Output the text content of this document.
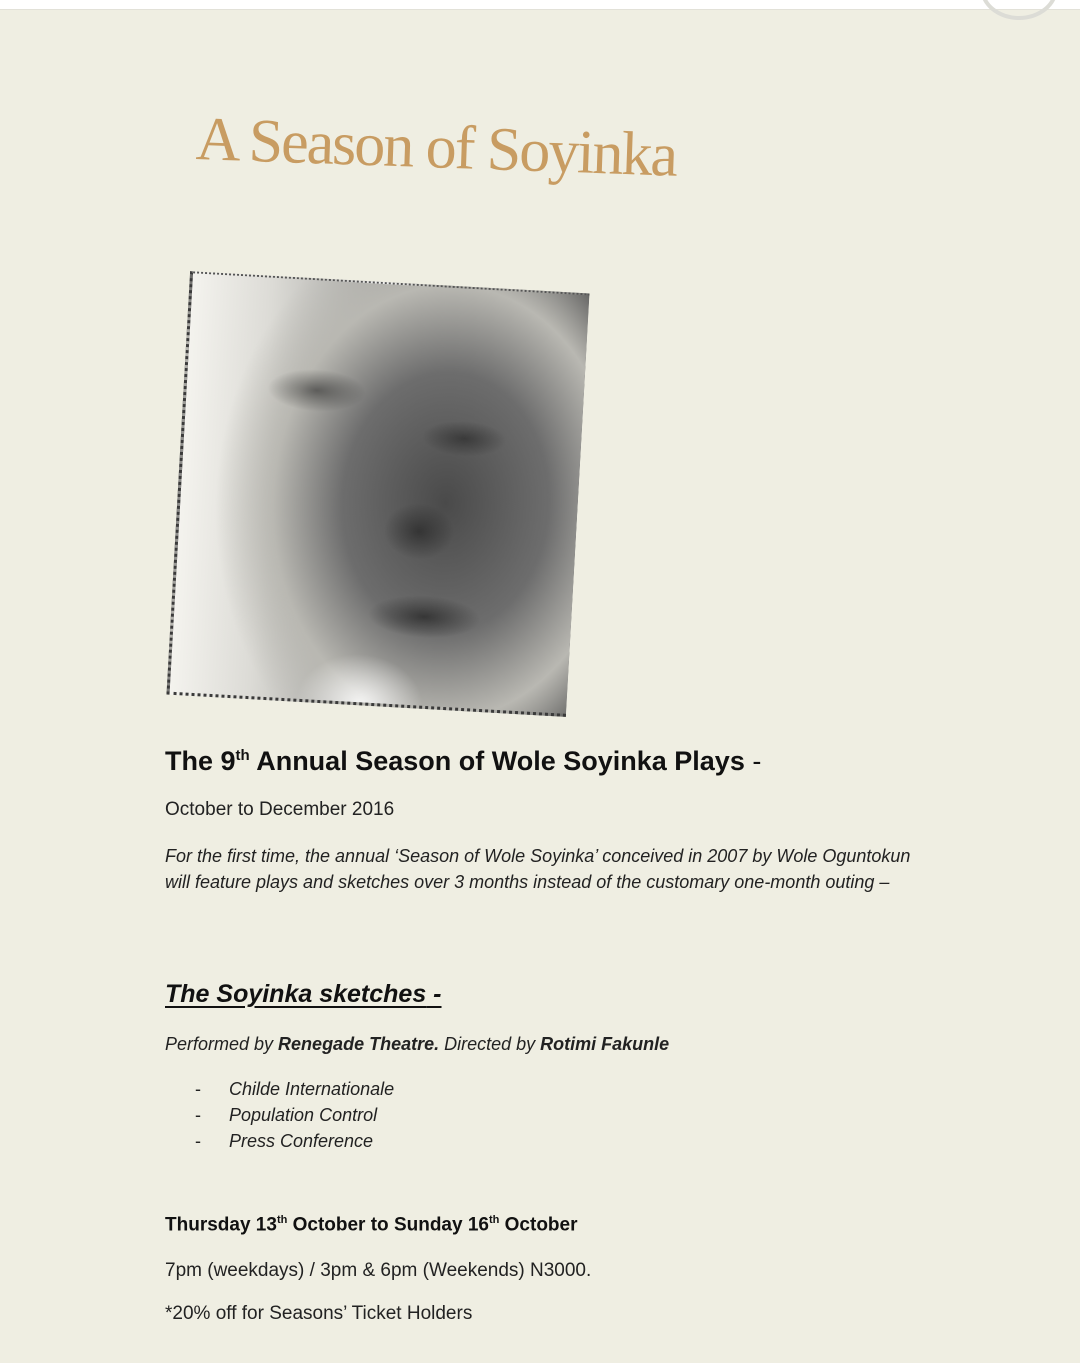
A Season of Soyinka
The 9th Annual Season of Wole Soyinka Plays -
October to December 2016

For the first time, the annual ‘Season of Wole Soyinka’ conceived in 2007 by Wole Oguntokun will feature plays and sketches over 3 months instead of the customary one-month outing –

The Soyinka sketches -
Performed by Renegade Theatre. Directed by Rotimi Fakunle
-	Childe Internationale
-	Population Control
-	Press Conference
Thursday 13th October to Sunday 16th October
7pm (weekdays) / 3pm & 6pm (Weekends) N3000.
*20% off for Seasons’ Ticket Holders
